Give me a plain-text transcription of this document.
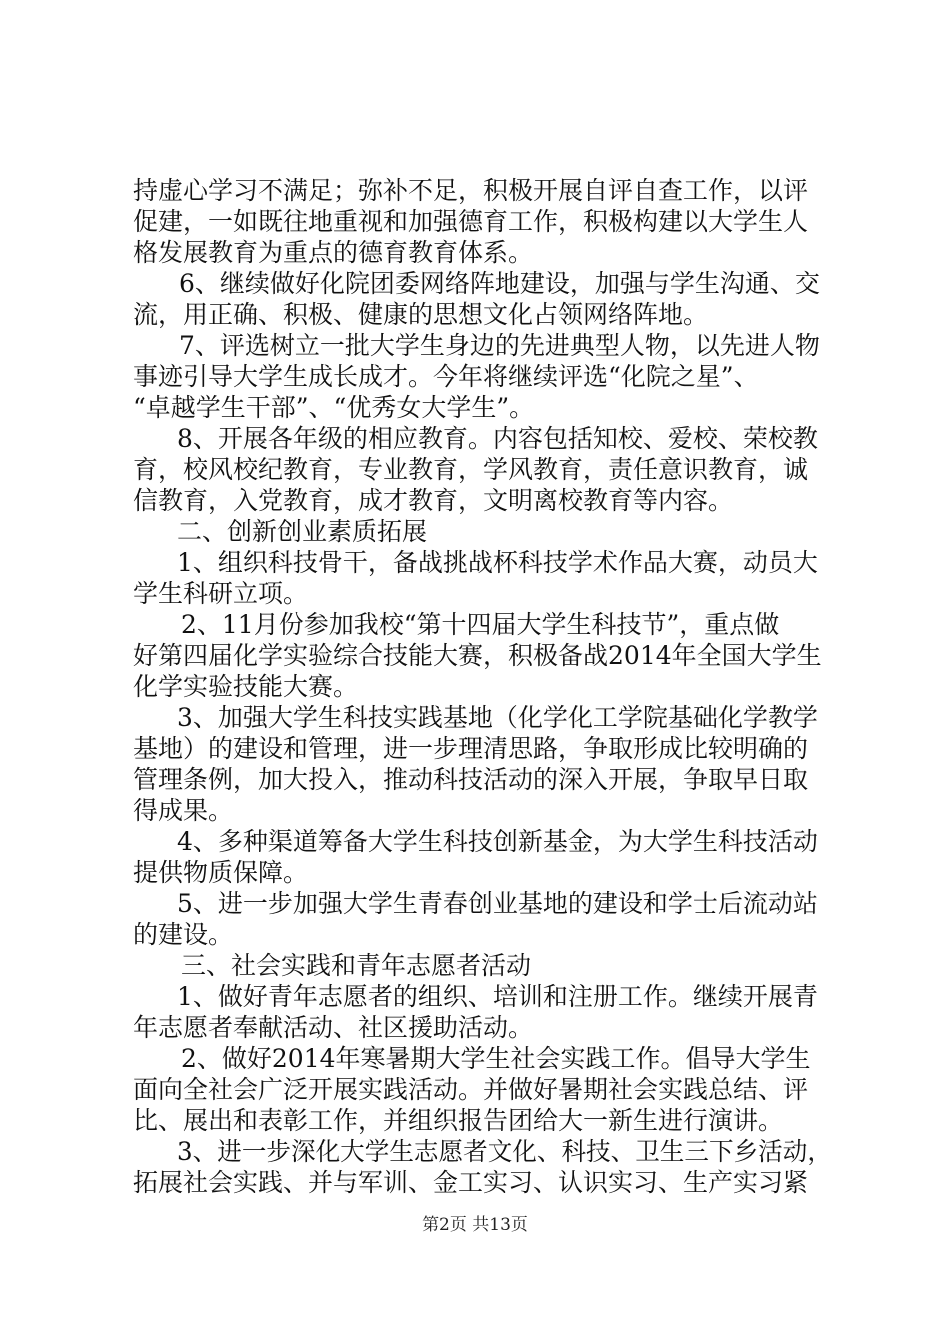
持虚心学习不满足；弥补不足，积极开展自评自查工作，以评
促建，一如既往地重视和加强德育工作，积极构建以大学生人
格发展教育为重点的德育教育体系。
6、继续做好化院团委网络阵地建设，加强与学生沟通、交
流，用正确、积极、健康的思想文化占领网络阵地。
7、评选树立一批大学生身边的先进典型人物，以先进人物
事迹引导大学生成长成才。今年将继续评选“化院之星”、
“卓越学生干部”、“优秀女大学生”。
8、开展各年级的相应教育。内容包括知校、爱校、荣校教
育，校风校纪教育，专业教育，学风教育，责任意识教育，诚
信教育，入党教育，成才教育，文明离校教育等内容。
二、创新创业素质拓展
1、组织科技骨干，备战挑战杯科技学术作品大赛，动员大
学生科研立项。
2、11月份参加我校“第十四届大学生科技节”，重点做
好第四届化学实验综合技能大赛，积极备战2014年全国大学生
化学实验技能大赛。
3、加强大学生科技实践基地（化学化工学院基础化学教学
基地）的建设和管理，进一步理清思路，争取形成比较明确的
管理条例，加大投入，推动科技活动的深入开展，争取早日取
得成果。
4、多种渠道筹备大学生科技创新基金，为大学生科技活动
提供物质保障。
5、进一步加强大学生青春创业基地的建设和学士后流动站
的建设。
三、社会实践和青年志愿者活动
1、做好青年志愿者的组织、培训和注册工作。继续开展青
年志愿者奉献活动、社区援助活动。
2、做好2014年寒暑期大学生社会实践工作。倡导大学生
面向全社会广泛开展实践活动。并做好暑期社会实践总结、评
比、展出和表彰工作，并组织报告团给大一新生进行演讲。
3、进一步深化大学生志愿者文化、科技、卫生三下乡活动，
拓展社会实践、并与军训、金工实习、认识实习、生产实习紧
第2页 共13页
